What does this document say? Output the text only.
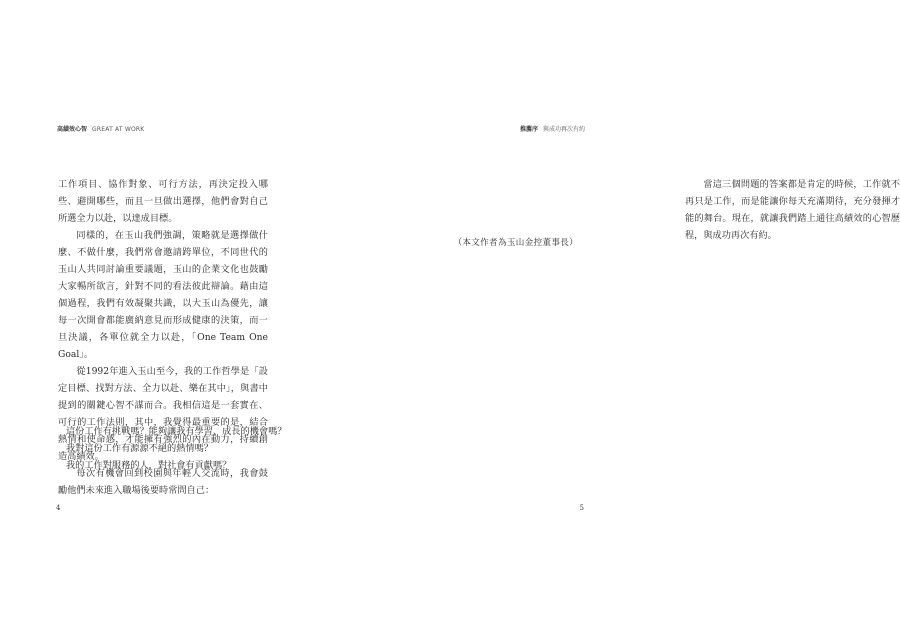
高績效心智 GREAT AT WORK

工作項目、協作對象、可行方法，再決定投入哪些、避開哪些，而且一旦做出選擇，他們會對自己所選全力以赴，以達成目標。

同樣的，在玉山我們強調，策略就是選擇做什麼、不做什麼，我們常會邀請跨單位，不同世代的玉山人共同討論重要議題，玉山的企業文化也鼓勵大家暢所欲言，針對不同的看法彼此辯論。藉由這個過程，我們有效凝聚共識，以大玉山為優先，讓每一次開會都能廣納意見而形成健康的決策，而一旦決議，各單位就全力以赴，「One Team One Goal」。

從1992年進入玉山至今，我的工作哲學是「設定目標、找對方法、全力以赴、樂在其中」，與書中提到的關鍵心智不謀而合。我相信這是一套實在、可行的工作法則，其中，我覺得最重要的是，結合熱情和使命感，才能擁有強烈的內在動力，持續創造高績效。

每次有機會回到校園與年輕人交流時，我會鼓勵他們未來進入職場後要時常問自己：

這份工作有挑戰嗎？能夠讓我有學習、成長的機會嗎？
我對這份工作有源源不絕的熱情嗎？
我的工作對服務的人，對社會有貢獻嗎？
4
推薦序 與成功再次有約

當這三個問題的答案都是肯定的時候，工作就不再只是工作，而是能讓你每天充滿期待，充分發揮才能的舞台。現在，就讓我們踏上通往高績效的心智歷程，與成功再次有約。

（本文作者為玉山金控董事長）
5
